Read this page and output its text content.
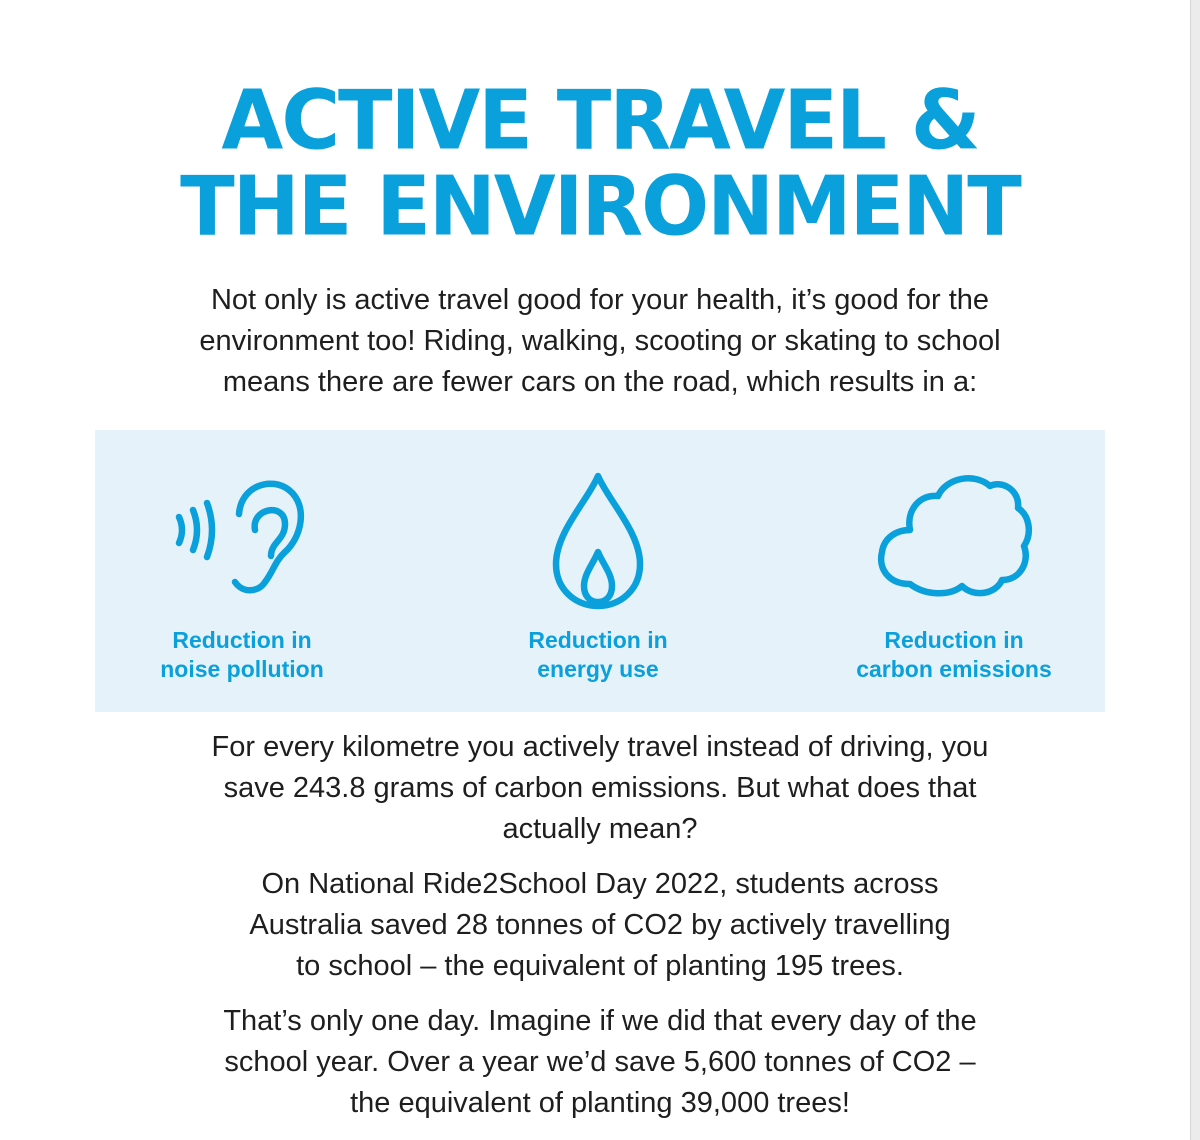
ACTIVE TRAVEL &
THE ENVIRONMENT

Not only is active travel good for your health, it’s good for the
environment too! Riding, walking, scooting or skating to school
means there are fewer cars on the road, which results in a:

Reduction in
noise pollution
Reduction in
energy use
Reduction in
carbon emissions

For every kilometre you actively travel instead of driving, you
save 243.8 grams of carbon emissions. But what does that
actually mean?

On National Ride2School Day 2022, students across
Australia saved 28 tonnes of CO2 by actively travelling
to school – the equivalent of planting 195 trees.

That’s only one day. Imagine if we did that every day of the
school year. Over a year we’d save 5,600 tonnes of CO2 –
the equivalent of planting 39,000 trees!
